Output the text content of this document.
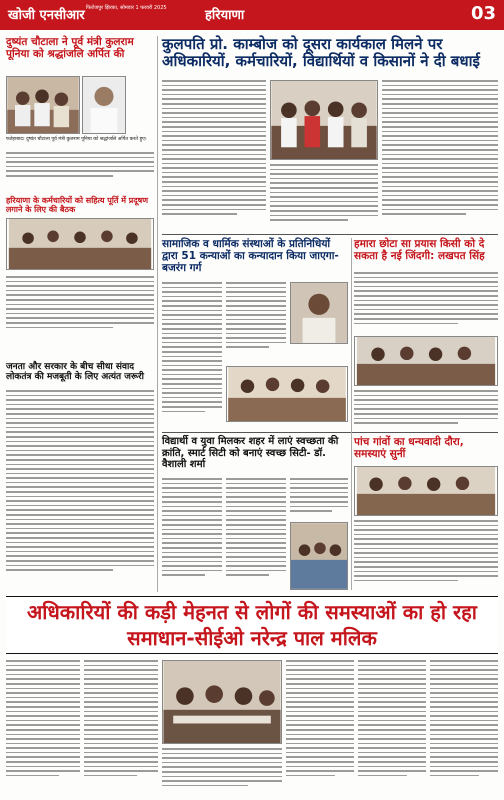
खोजी एनसीआर फिरोजपुर झिरका, सोमवार 1 फरवरी 2025	हरियाणा	03
दुष्यंत चौटाला ने पूर्व मंत्री कुलराम पूनिया को श्रद्धांजलि अर्पित की
फतेहाबाद। दुष्यंत चौटाला पूर्व मंत्री कुलराम पूनिया को श्रद्धांजलि अर्पित करते हुए।
हरियाणा के कर्मचारियों को सहित्य पूर्ति में प्रदूषण लगाने के लिए की बैठक
जनता और सरकार के बीच सीधा संवाद लोकतंत्र की मजबूती के लिए अत्यंत जरूरी
कुलपति प्रो. काम्बोज को दूसरा कार्यकाल मिलने पर अधिकारियों, कर्मचारियों, विद्यार्थियों व किसानों ने दी बधाई
सामाजिक व धार्मिक संस्थाओं के प्रतिनिधियों द्वारा 51 कन्याओं का कन्यादान किया जाएगा- बजरंग गर्ग
हमारा छोटा सा प्रयास किसी को दे सकता है नई जिंदगी: लखपत सिंह
विद्यार्थी व युवा मिलकर शहर में लाएं स्वच्छता की क्रांति, स्मार्ट सिटी को बनाएं स्वच्छ सिटी- डॉ. वैशाली शर्मा
पांच गांवों का धन्यवादी दौरा, समस्याएं सुनीं
अधिकारियों की कड़ी मेहनत से लोगों की समस्याओं का हो रहा समाधान-सीईओ नरेन्द्र पाल मलिक
